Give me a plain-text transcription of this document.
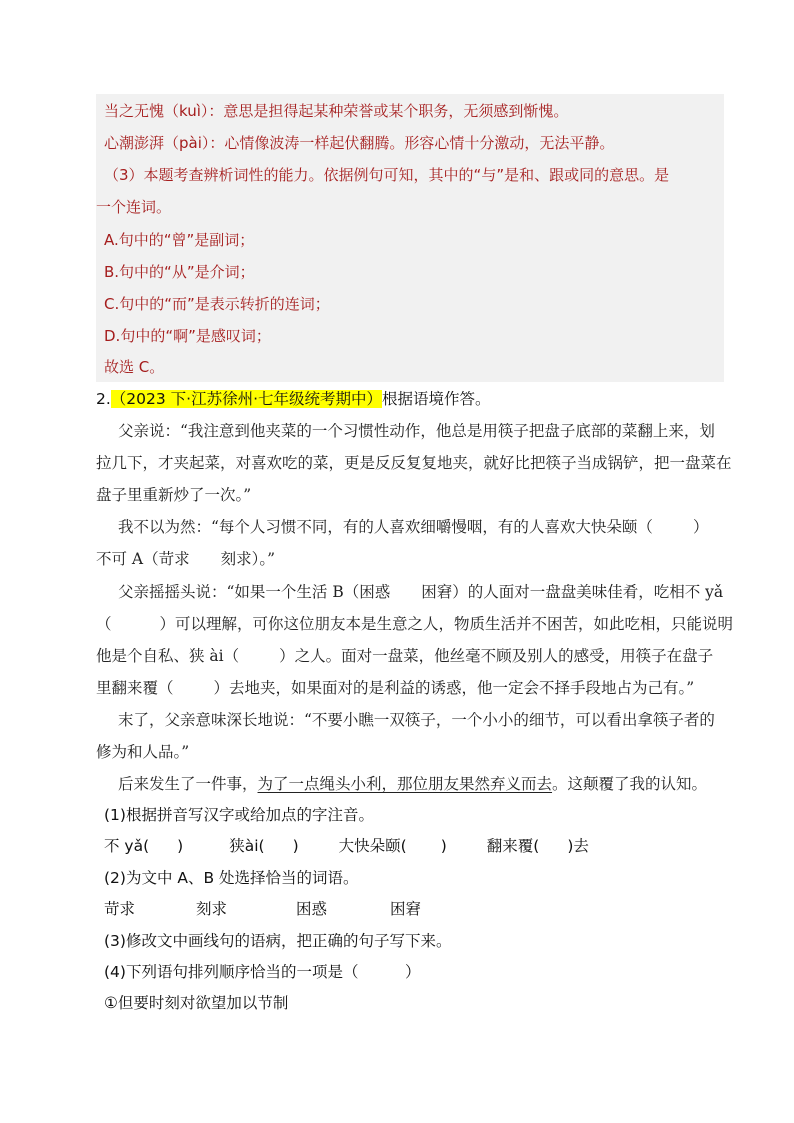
当之无愧（kuì）：意思是担得起某种荣誉或某个职务，无须感到惭愧。
心潮澎湃（pài）：心情像波涛一样起伏翻腾。形容心情十分激动，无法平静。
（3）本题考查辨析词性的能力。依据例句可知，其中的“与”是和、跟或同的意思。是
一个连词。
A.句中的“曾”是副词；
B.句中的“从”是介词；
C.句中的“而”是表示转折的连词；
D.句中的“啊”是感叹词；
故选 C。
2.（2023 下·江苏徐州·七年级统考期中）根据语境作答。
父亲说：“我注意到他夹菜的一个习惯性动作，他总是用筷子把盘子底部的菜翻上来，划
拉几下，才夹起菜，对喜欢吃的菜，更是反反复复地夹，就好比把筷子当成锅铲，把一盘菜在
盘子里重新炒了一次。”
我不以为然：“每个人习惯不同，有的人喜欢细嚼慢咽，有的人喜欢大快朵颐（	）
不可 A（苛求　　刻求）。”
父亲摇摇头说：“如果一个生活 B（困惑　　困窘）的人面对一盘盘美味佳肴，吃相不 yǎ
（	）可以理解，可你这位朋友本是生意之人，物质生活并不困苦，如此吃相，只能说明
他是个自私、狭 ài（	）之人。面对一盘菜，他丝毫不顾及别人的感受，用筷子在盘子
里翻来覆（	）去地夹，如果面对的是利益的诱惑，他一定会不择手段地占为己有。”
末了，父亲意味深长地说：“不要小瞧一双筷子，一个小小的细节，可以看出拿筷子者的
修为和人品。”
后来发生了一件事，为了一点绳头小利，那位朋友果然弃义而去。这颠覆了我的认知。
(1)根据拼音写汉字或给加点的字注音。
不 yǎ( )	狭ài( )	大快朵颐( )	翻来覆( )去
(2)为文中 A、B 处选择恰当的词语。
苛求	刻求	困惑	困窘
(3)修改文中画线句的语病，把正确的句子写下来。
(4)下列语句排列顺序恰当的一项是（　　　）
①但要时刻对欲望加以节制
